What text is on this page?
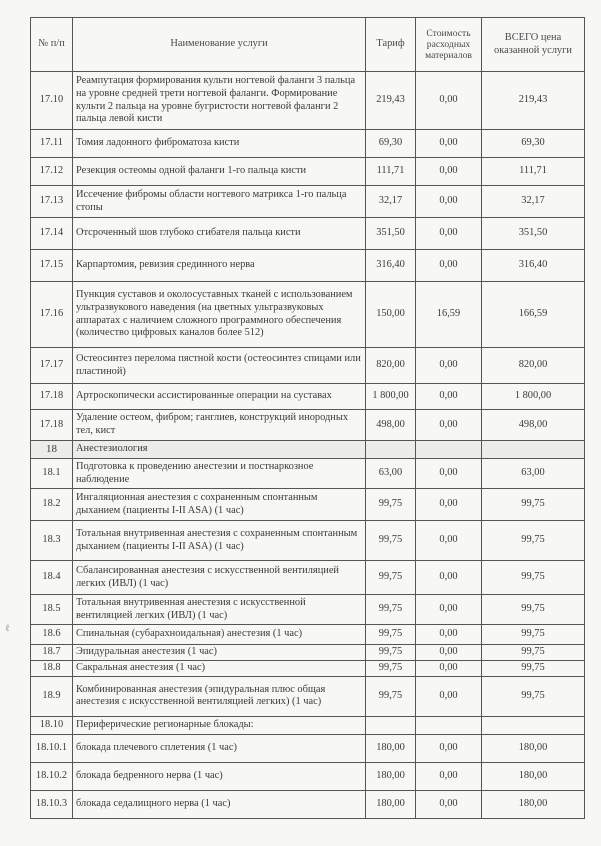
№ п/п	Наименование услуги	Тариф	Стоимость расходных материалов	ВСЕГО цена оказанной услуги
17.10	Реампутация формирования культи ногтевой фаланги 3 пальца на уровне средней трети ногтевой фаланги. Формирование культи 2 пальца на уровне бугристости ногтевой фаланги 2 пальца левой кисти	219,43	0,00	219,43
17.11	Томия ладонного фиброматоза кисти	69,30	0,00	69,30
17.12	Резекция остеомы одной фаланги 1-го пальца кисти	111,71	0,00	111,71
17.13	Иссечение фибромы области ногтевого матрикса 1-го пальца стопы	32,17	0,00	32,17
17.14	Отсроченный шов глубоко сгибателя пальца кисти	351,50	0,00	351,50
17.15	Карпартомия, ревизия срединного нерва	316,40	0,00	316,40
17.16	Пункция суставов и околосуставных тканей с использованием ультразвукового наведения (на цветных ультразвуковых аппаратах с наличием сложного программного обеспечения (количество цифровых каналов более 512)	150,00	16,59	166,59
17.17	Остеосинтез перелома пястной кости (остеосинтез спицами или пластиной)	820,00	0,00	820,00
17.18	Артроскопически ассистированные операции на суставах	1 800,00	0,00	1 800,00
17.18	Удаление остеом, фибром; ганглиев, конструкций инородных тел, кист	498,00	0,00	498,00
18	Анестезиология			
18.1	Подготовка к проведению анестезии и постнаркозное наблюдение	63,00	0,00	63,00
18.2	Ингаляционная анестезия с сохраненным спонтанным дыханием (пациенты I-II ASA) (1 час)	99,75	0,00	99,75
18.3	Тотальная внутривенная анестезия с сохраненным спонтанным дыханием (пациенты I-II ASA) (1 час)	99,75	0,00	99,75
18.4	Сбалансированная анестезия с искусственной вентиляцией легких (ИВЛ) (1 час)	99,75	0,00	99,75
18.5	Тотальная внутривенная анестезия с искусственной вентиляцией легких (ИВЛ) (1 час)	99,75	0,00	99,75
18.6	Спинальная (субарахноидальная) анестезия (1 час)	99,75	0,00	99,75
18.7	Эпидуральная анестезия (1 час)	99,75	0,00	99,75
18.8	Сакральная анестезия (1 час)	99,75	0,00	99,75
18.9	Комбинированная анестезия (эпидуральная плюс общая анестезия с искусственной вентиляцией легких) (1 час)	99,75	0,00	99,75
18.10	Периферические регионарные блокады:			
18.10.1	блокада плечевого сплетения (1 час)	180,00	0,00	180,00
18.10.2	блокада бедренного нерва (1 час)	180,00	0,00	180,00
18.10.3	блокада седалищного нерва (1 час)	180,00	0,00	180,00
ℓ
